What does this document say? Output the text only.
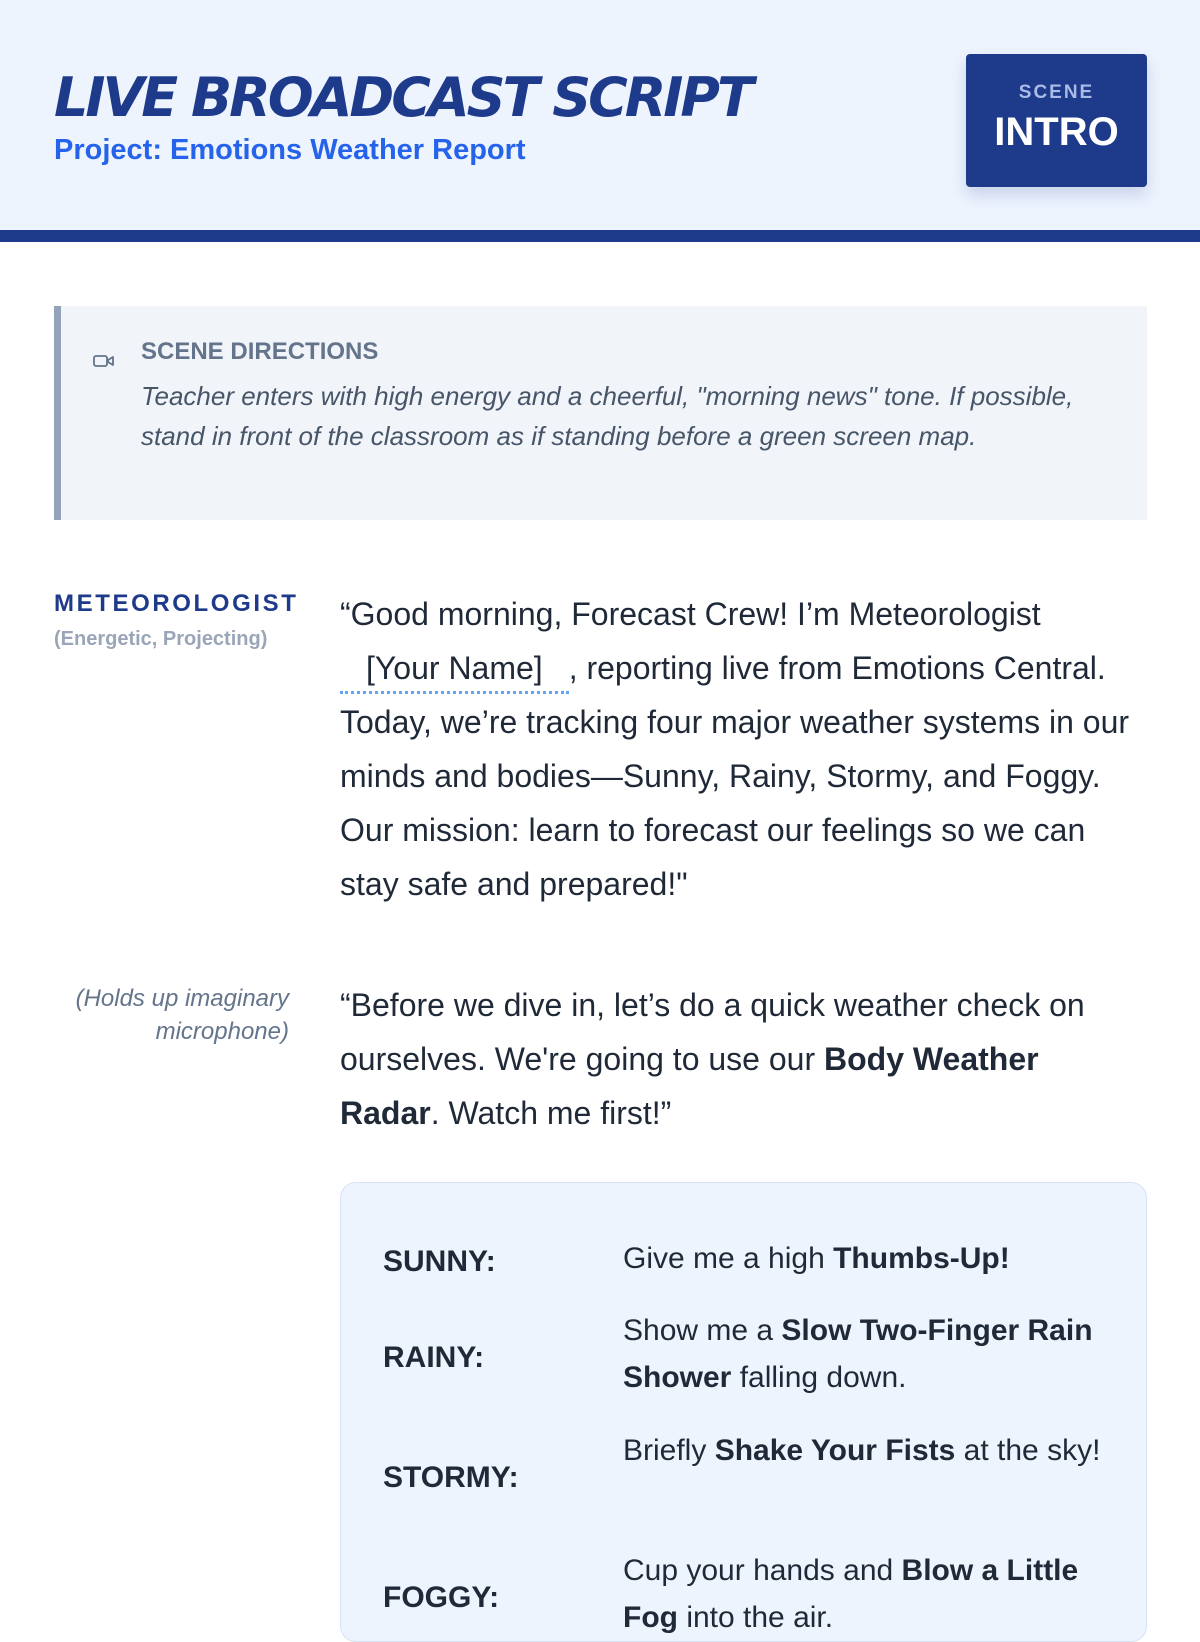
LIVE BROADCAST SCRIPT
Project: Emotions Weather Report
SCENE
INTRO
SCENE DIRECTIONS
Teacher enters with high energy and a cheerful, "morning news" tone. If possible, stand in front of the classroom as if standing before a green screen map.
METEOROLOGIST
(Energetic, Projecting)
“Good morning, Forecast Crew! I’m Meteorologist [Your Name] , reporting live from Emotions Central. Today, we’re tracking four major weather systems in our minds and bodies—Sunny, Rainy, Stormy, and Foggy. Our mission: learn to forecast our feelings so we can stay safe and prepared!"
(Holds up imaginary microphone)
“Before we dive in, let’s do a quick weather check on ourselves. We're going to use our Body Weather Radar. Watch me first!”
SUNNY:	Give me a high Thumbs-Up!
RAINY:
Show me a Slow Two-Finger Rain Shower falling down.
STORMY:
Briefly Shake Your Fists at the sky!
FOGGY:
Cup your hands and Blow a Little Fog into the air.
